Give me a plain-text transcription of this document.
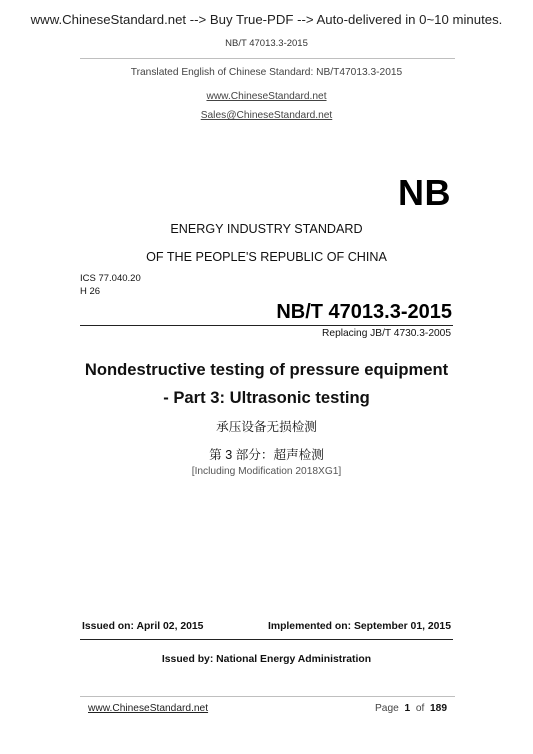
www.ChineseStandard.net --> Buy True-PDF --> Auto-delivered in 0~10 minutes.
NB/T 47013.3-2015
Translated English of Chinese Standard: NB/T47013.3-2015
www.ChineseStandard.net
Sales@ChineseStandard.net
NB
ENERGY INDUSTRY STANDARD
OF THE PEOPLE'S REPUBLIC OF CHINA
ICS 77.040.20
H 26
NB/T 47013.3-2015
Replacing JB/T 4730.3-2005
Nondestructive testing of pressure equipment
- Part 3: Ultrasonic testing
承压设备无损检测
第 3 部分：超声检测
[Including Modification 2018XG1]
Issued on: April 02, 2015	Implemented on: September 01, 2015
Issued by: National Energy Administration
www.ChineseStandard.net	Page 1 of 189
